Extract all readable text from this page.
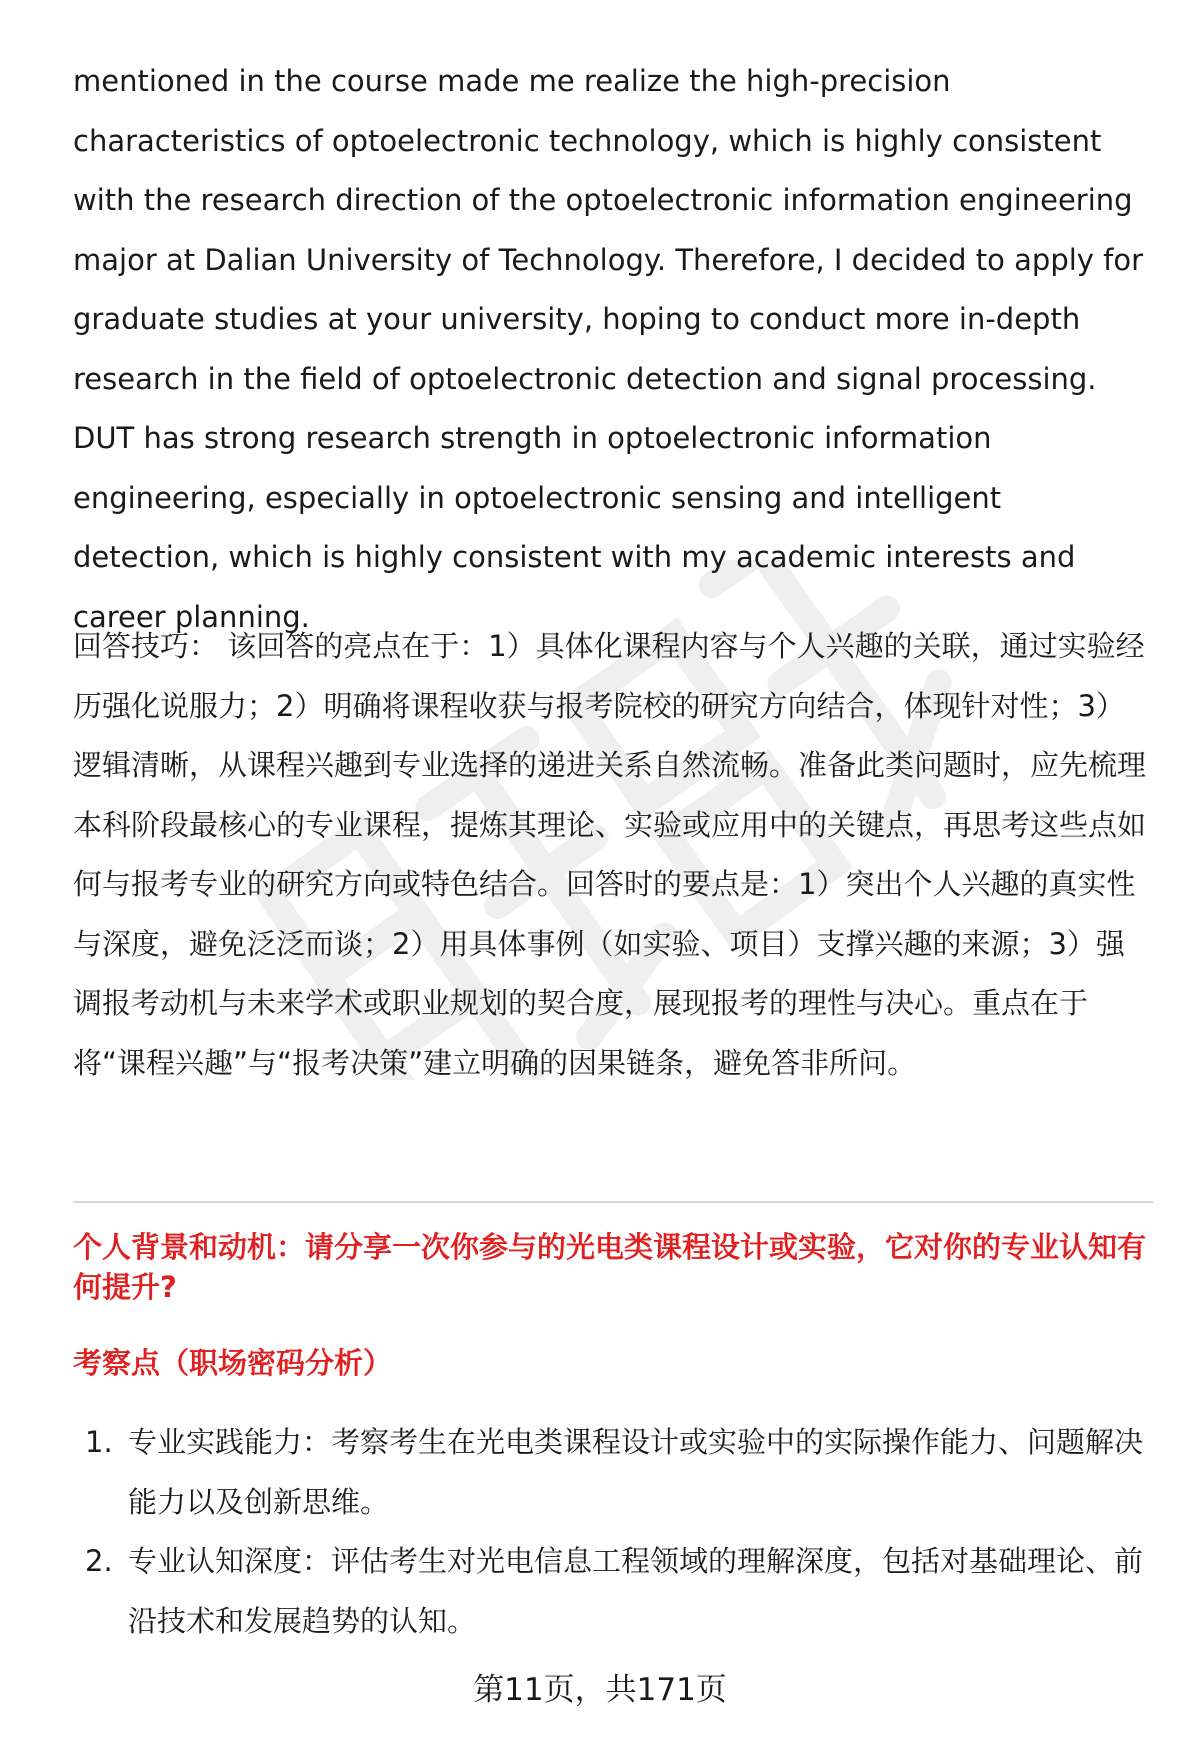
mentioned in the course made me realize the high-precision characteristics of optoelectronic technology, which is highly consistent with the research direction of the optoelectronic information engineering major at Dalian University of Technology. Therefore, I decided to apply for graduate studies at your university, hoping to conduct more in-depth research in the field of optoelectronic detection and signal processing. DUT has strong research strength in optoelectronic information engineering, especially in optoelectronic sensing and intelligent detection, which is highly consistent with my academic interests and career planning.

回答技巧： 该回答的亮点在于：1）具体化课程内容与个人兴趣的关联，通过实验经历强化说服力；2）明确将课程收获与报考院校的研究方向结合，体现针对性；3）逻辑清晰，从课程兴趣到专业选择的递进关系自然流畅。准备此类问题时，应先梳理本科阶段最核心的专业课程，提炼其理论、实验或应用中的关键点，再思考这些点如何与报考专业的研究方向或特色结合。回答时的要点是：1）突出个人兴趣的真实性与深度，避免泛泛而谈；2）用具体事例（如实验、项目）支撑兴趣的来源；3）强调报考动机与未来学术或职业规划的契合度，展现报考的理性与决心。重点在于将“课程兴趣”与“报考决策”建立明确的因果链条，避免答非所问。

个人背景和动机：请分享一次你参与的光电类课程设计或实验，它对你的专业认知有何提升?

考察点（职场密码分析）

1. 专业实践能力：考察考生在光电类课程设计或实验中的实际操作能力、问题解决能力以及创新思维。
2. 专业认知深度：评估考生对光电信息工程领域的理解深度，包括对基础理论、前沿技术和发展趋势的认知。

第11页，共171页
